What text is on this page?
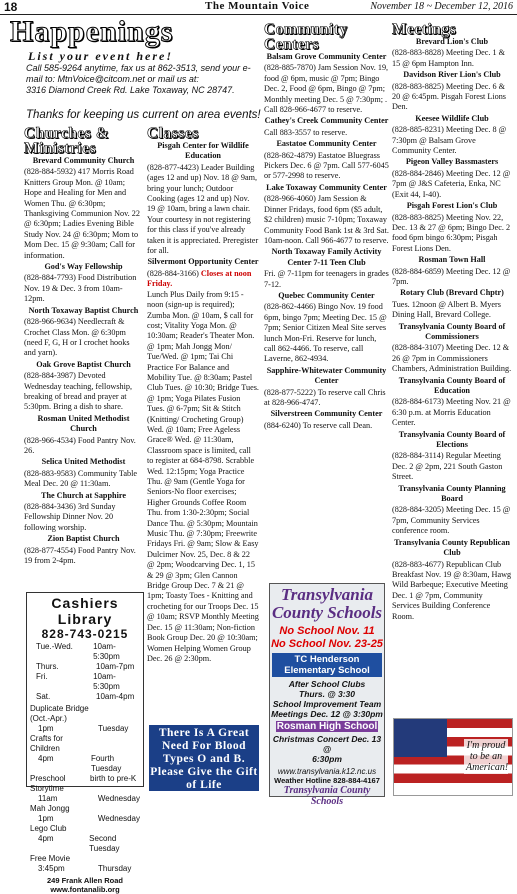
18	The Mountain Voice	November 18 ~ December 12, 2016
Happenings
List your event here!
Call 585-9264 anytime, fax us at 862-3513, send your e-mail to: MtnVoice@citcom.net or mail us at:
3316 Diamond Creek Rd. Lake Toxaway, NC 28747.
Thanks for keeping us current on area events!
Churches & Ministries

Brevard Community Church

(828-884-5932) 417 Morris Road Knitters Group Mon. @ 10am; Hope and Healing for Men and Women Thu. @ 6:30pm; Thanksgiving Communion Nov. 22 @ 6:30pm; Ladies Evening Bible Study Nov. 24 @ 6:30pm; Mom to Mom Dec. 15 @ 9:30am; Call for information.

God's Way Fellowship

(828-884-7793) Food Distribution Nov. 19 & Dec. 3 from 10am-12pm.

North Toxaway Baptist Church

(828-966-9634) Needlecraft & Crochet Class Mon. @ 6:30pm (need F, G, H or I crochet hooks and yarn).

Oak Grove Baptist Church

(828-884-3987) Devoted Wednesday teaching, fellowship, breaking of bread and prayer at 5:30pm. Bring a dish to share.

Rosman United Methodist Church

(828-966-4534) Food Pantry Nov. 26.

Selica United Methodist

(828-883-9583) Community Table Meal Dec. 20 @ 11:30am.

The Church at Sapphire

(828-884-3436) 3rd Sunday Fellowship Dinner Nov. 20 following worship.

Zion Baptist Church

(828-877-4554) Food Pantry Nov. 19 from 2-4pm.

Cashiers Library
828-743-0215
Tue.-Wed.	10am-5:30pm
Thurs.	10am-7pm
Fri.	10am-5:30pm
Sat.	10am-4pm
Duplicate Bridge (Oct.-Apr.)
1pm	Tuesday
Crafts for Children
4pm	Fourth Tuesday
Preschool Storytime
birth to pre-K
11am	Wednesday
Mah Jongg
1pm	Wednesday
Lego Club
4pm	Second Tuesday
Free Movie
3:45pm	Thursday
249 Frank Allen Road
www.fontanalib.org
Classes

Pisgah Center for Wildlife Education

(828-877-4423) Leader Building (ages 12 and up) Nov. 18 @ 9am, bring your lunch; Outdoor Cooking (ages 12 and up) Nov. 19 @ 10am, bring a lawn chair. Your courtesy in not registering for this class if you've already taken it is appreciated. Preregister for all.

Silvermont Opportunity Center

(828-884-3166) Closes at noon Friday.

Lunch Plus Daily from 9:15 -noon (sign-up is required); Zumba Mon. @ 10am, $ call for cost; Vitality Yoga Mon. @ 10:30am; Reader's Theater Mon. @ 1pm; Mah Jongg Mon/ Tue/Wed. @ 1pm; Tai Chi Practice For Balance and Mobility Tue. @ 8:30am; Pastel Club Tues. @ 10:30; Bridge Tues. @ 1pm; Yoga Pilates Fusion Tues. @ 6-7pm; Sit & Stitch (Knitting/ Crocheting Group) Wed. @ 10am; Free Ageless Grace® Wed. @ 11:30am, Classroom space is limited, call to register at 684-8798. Scrabble Wed. 12:15pm; Yoga Practice Thu. @ 9am (Gentle Yoga for Seniors-No floor exercises; Higher Grounds Coffee Room Thu. from 1:30-2:30pm; Social Dance Thu. @ 5:30pm; Mountain Music Thu. @ 7:30pm; Freewrite Fridays Fri. @ 9am; Slow & Easy Dulcimer Nov. 25, Dec. 8 & 22 @ 2pm; Woodcarving Dec. 1, 15 & 29 @ 3pm; Glen Cannon Bridge Group Dec. 7 & 21 @ 1pm; Toasty Toes - Knitting and crocheting for our Troops Dec. 15 @ 10am; RSVP Monthly Meeting Dec. 15 @ 11:30am; Non-fiction Book Group Dec. 20 @ 10:30am; Women Helping Women Group Dec. 26 @ 2:30pm.

There Is A Great Need For Blood Types O and B. Please Give the Gift of Life
Community Centers

Balsam Grove Community Center

(828-885-7870) Jam Session Nov. 19, food @ 6pm, music @ 7pm; Bingo Dec. 2, Food @ 6pm, Bingo @ 7pm; Monthly meeting Dec. 5 @ 7:30pm; . Call 828-966-4677 to reserve.

Cathey's Creek Community Center

Call 883-3557 to reserve.

Eastatoe Community Center

(828-862-4879) Eastatoe Bluegrass Pickers Dec. 6 @ 7pm. Call 577-6045 or 577-2998 to reserve.

Lake Toxaway Community Center

(828-966-4060) Jam Session & Dinner Fridays, food 6pm ($5 adult, $2 children) music 7-10pm; Toxaway Community Food Bank 1st & 3rd Sat. 10am-noon. Call 966-4677 to reserve.

North Toxaway Family Activity Center 7-11 Teen Club

Fri. @ 7-11pm for teenagers in grades 7-12.

Quebec Community Center

(828-862-4466) Bingo Nov. 19 food 6pm, bingo 7pm; Meeting Dec. 15 @ 7pm; Senior Citizen Meal Site serves lunch Mon-Fri. Reserve for lunch, call 862-4466. To reserve, call Laverne, 862-4934.

Sapphire-Whitewater Community Center

(828-877-5222) To reserve call Chris at 828-966-4747.

Silverstreen Community Center

(884-6240) To reserve call Dean.

Transylvania
County Schools
No School Nov. 11
No School Nov. 23-25
TC Henderson Elementary School
After School Clubs
Thurs. @ 3:30
School Improvement Team
Meetings Dec. 12 @ 3:30pm
Rosman High School
Christmas Concert Dec. 13 @
6:30pm
www.transylvania.k12.nc.us
Weather Hotline 828-884-4167
Transylvania County Schools
Meetings

Brevard Lion's Club

(828-883-8828) Meeting Dec. 1 & 15 @ 6pm Hampton Inn.

Davidson River Lion's Club

(828-883-8825) Meeting Dec. 6 & 20 @ 6:45pm. Pisgah Forest Lions Den.

Keesee Wildlife Club

(828-885-8231) Meeting Dec. 8 @ 7:30pm @ Balsam Grove Community Center.

Pigeon Valley Bassmasters

(828-884-2846) Meeting Dec. 12 @ 7pm @ J&S Cafeteria, Enka, NC (Exit 44, I-40).

Pisgah Forest Lion's Club

(828-883-8825) Meeting Nov. 22, Dec. 13 & 27 @ 6pm; Bingo Dec. 2 food 6pm bingo 6:30pm; Pisgah Forest Lions Den.

Rosman Town Hall

(828-884-6859) Meeting Dec. 12 @ 7pm.

Rotary Club (Brevard Chptr)

Tues. 12noon @ Albert B. Myers Dining Hall, Brevard College.

Transylvania County Board of Commissioners

(828-884-3107) Meeting Dec. 12 & 26 @ 7pm in Commissioners Chambers, Administration Building.

Transylvania County Board of Education

(828-884-6173) Meeting Nov. 21 @ 6:30 p.m. at Morris Education Center.

Transylvania County Board of Elections

(828-884-3114) Regular Meeting Dec. 2 @ 2pm, 221 South Gaston Street.

Transylvania County Planning Board

(828-884-3205) Meeting Dec. 15 @ 7pm, Community Services conference room.

Transylvania County Republican Club

(828-883-4677) Republican Club Breakfast Nov. 19 @ 8:30am, Hawg Wild Barbeque; Executive Meeting Dec. 1 @ 7pm, Community Services Building Conference Room.

I'm proud to be an American!
